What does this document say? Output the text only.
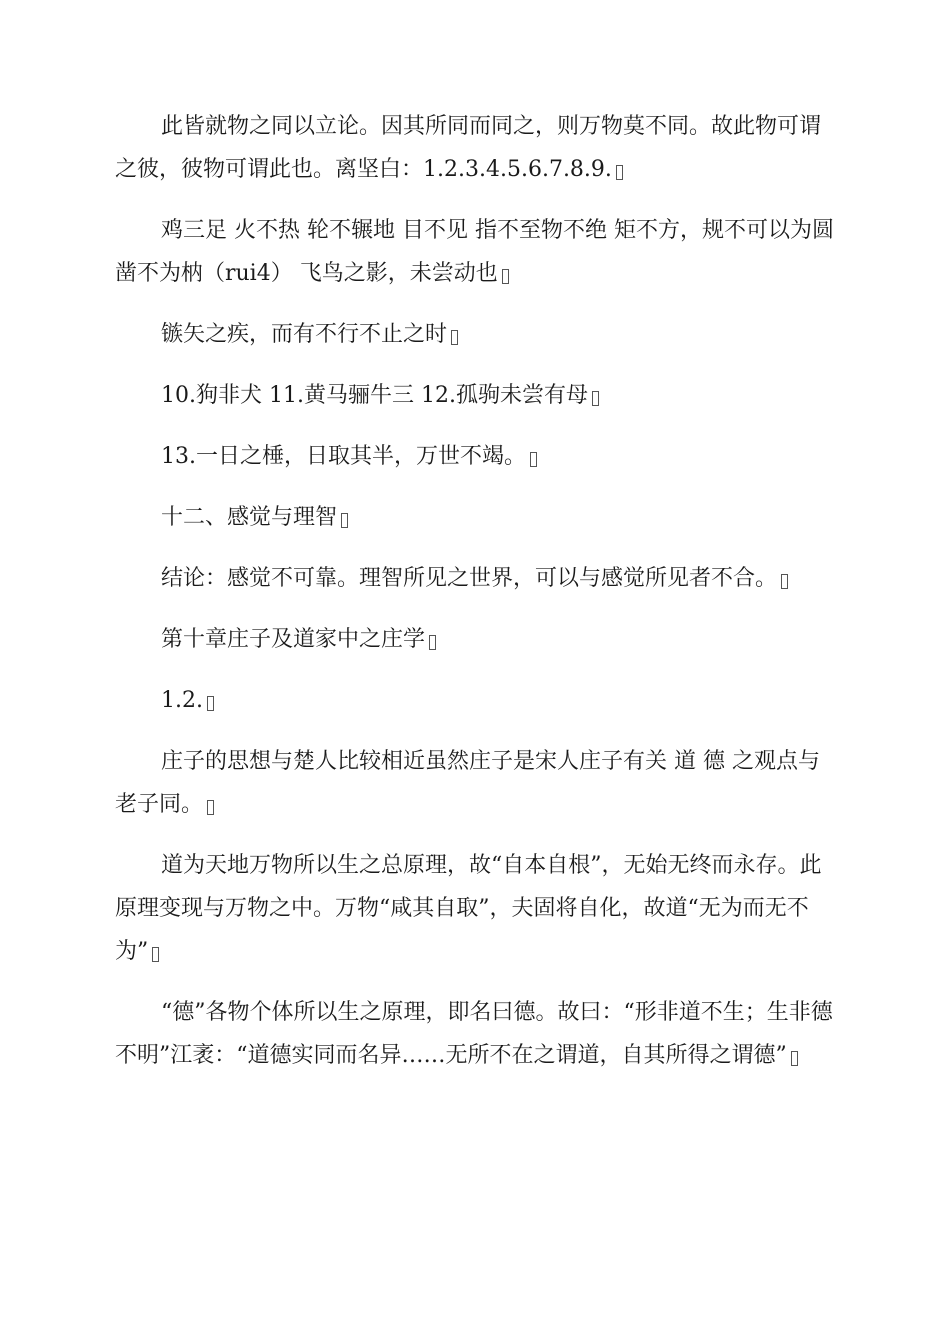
此皆就物之同以立论。因其所同而同之，则万物莫不同。故此物可谓之彼，彼物可谓此也。离坚白：1.2.3.4.5.6.7.8.9.

鸡三足 火不热 轮不辗地 目不见 指不至物不绝 矩不方，规不可以为圆 凿不为枘（rui4） 飞鸟之影，未尝动也

镞矢之疾，而有不行不止之时

10.狗非犬 11.黄马骊牛三 12.孤驹未尝有母

13.一日之棰，日取其半，万世不竭。

十二、感觉与理智

结论：感觉不可靠。理智所见之世界，可以与感觉所见者不合。

第十章庄子及道家中之庄学

1.2.

庄子的思想与楚人比较相近虽然庄子是宋人庄子有关 道 德 之观点与老子同。

道为天地万物所以生之总原理，故“自本自根”，无始无终而永存。此原理变现与万物之中。万物“咸其自取”，夫固将自化，故道“无为而无不为”

“德”各物个体所以生之原理，即名曰德。故曰：“形非道不生；生非德不明”江袤：“道德实同而名异……无所不在之谓道，自其所得之谓德”
